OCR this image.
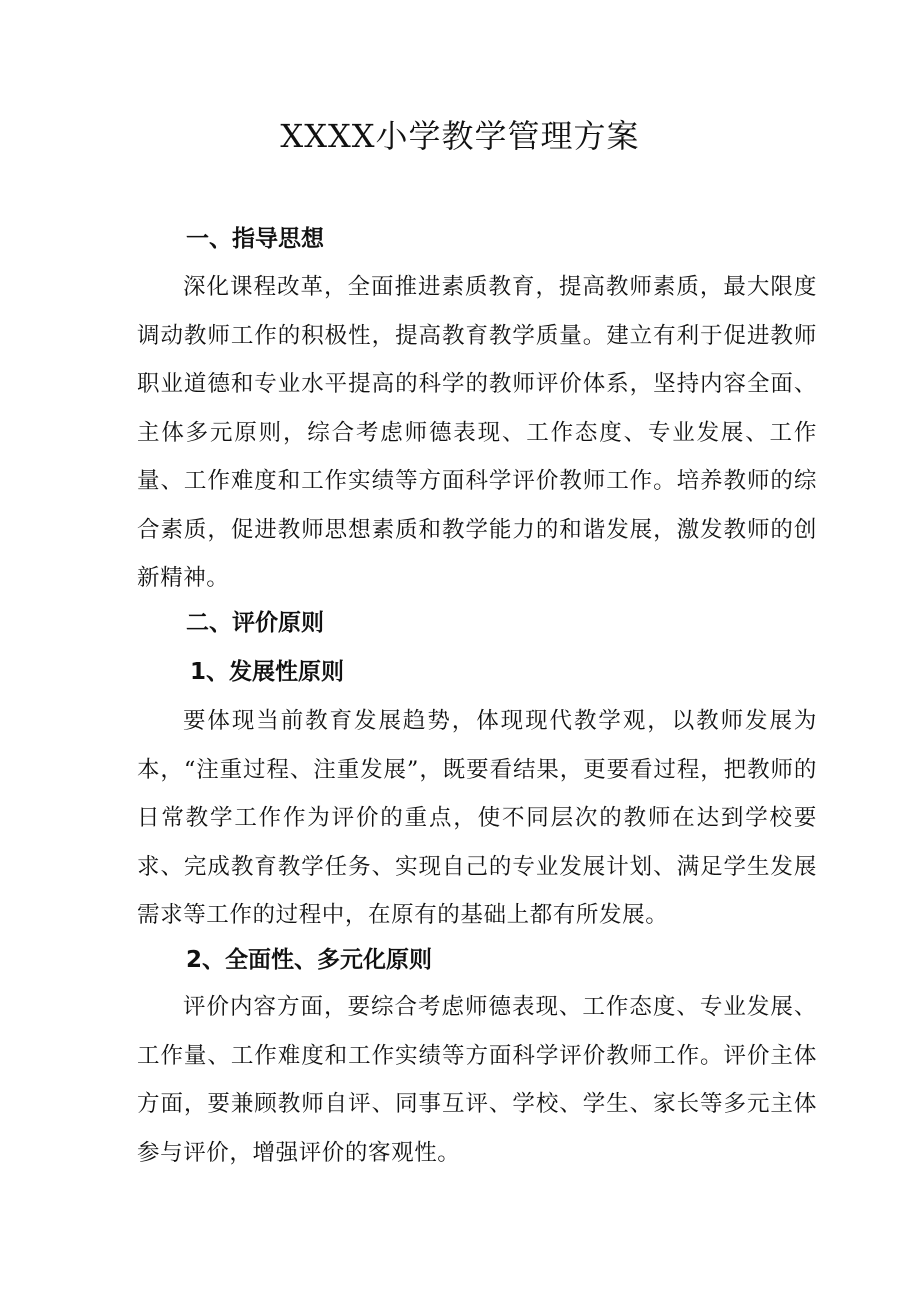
XXXX小学教学管理方案
一、指导思想

深化课程改革，全面推进素质教育，提高教师素质，最大限度调动教师工作的积极性，提高教育教学质量。建立有利于促进教师职业道德和专业水平提高的科学的教师评价体系，坚持内容全面、主体多元原则，综合考虑师德表现、工作态度、专业发展、工作量、工作难度和工作实绩等方面科学评价教师工作。培养教师的综合素质，促进教师思想素质和教学能力的和谐发展，激发教师的创新精神。

二、评价原则
1、发展性原则

要体现当前教育发展趋势，体现现代教学观，以教师发展为本，“注重过程、注重发展”，既要看结果，更要看过程，把教师的日常教学工作作为评价的重点，使不同层次的教师在达到学校要求、完成教育教学任务、实现自己的专业发展计划、满足学生发展需求等工作的过程中，在原有的基础上都有所发展。

2、全面性、多元化原则

评价内容方面，要综合考虑师德表现、工作态度、专业发展、工作量、工作难度和工作实绩等方面科学评价教师工作。评价主体方面，要兼顾教师自评、同事互评、学校、学生、家长等多元主体参与评价，增强评价的客观性。
